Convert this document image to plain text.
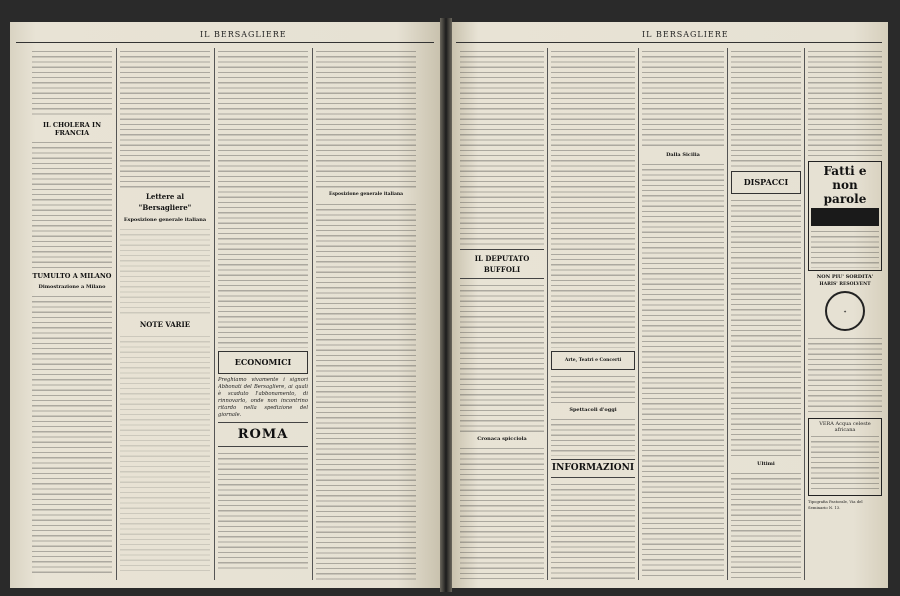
IL BERSAGLIERE
IL CHOLERA IN FRANCIA
TUMULTO A MILANO
Dimostrazione a Milano
Lettere al "Bersagliere"
Esposizione generale italiana
NOTE VARIE
ECONOMICI
Preghiamo vivamente i signori Abbonati del Bersagliere, ai quali è scaduto l'abbonamento, di rinnovarlo, onde non incontrino ritardo nella spedizione del giornale.
ROMA
Esposizione generale italiana
IL BERSAGLIERE
IL DEPUTATO BUFFOLI
Cronaca spicciola
Arte, Teatri e Concerti
Spettacoli d'oggi
INFORMAZIONI
Dalla Sicilia
DISPACCI
Ultimi
Fatti e non parole
NON PIU' SORDITA'
HARIS' RESOLVENT
✦
VERA Acqua celeste africana
Tipografia Pastorale, Via del Seminario N. 13.
